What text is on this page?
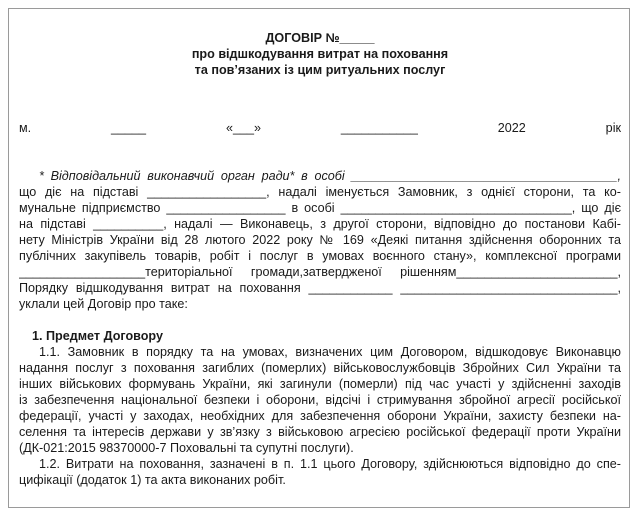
ДОГОВІР №_____
про відшкодування витрат на поховання
та пов’язаних із цим ритуальних послуг
м. _____	«___» ___________ 2022 рік
* Відповідальний виконавчий орган ради* в особі ______________________________________,
що діє на підставі _________________, надалі іменується Замовник, з однієї сторони, та ко-
мунальне підприємство _________________ в особі _________________________________, що діє
на підставі __________, надалі — Виконавець, з другої сторони, відповідно до постанови Кабі-
нету Міністрів України від 28 лютого 2022 року № 169 «Деякі питання здійснення оборонних та
публічних закупівель товарів, робіт і послуг в умовах воєнного стану», комплексної програми
__________________територіальної громади,затвердженої рішенням_______________________,
Порядку відшкодування витрат на поховання ____________ _______________________________,
уклали цей Договір про таке:
1. Предмет Договору
1.1. Замовник в порядку та на умовах, визначених цим Договором, відшкодовує Виконавцю
надання послуг з поховання загиблих (померлих) військовослужбовців Збройних Сил України та
інших військових формувань України, які загинули (померли) під час участі у здійсненні заходів
із забезпечення національної безпеки і оборони, відсічі і стримування збройної агресії російської
федерації, участі у заходах, необхідних для забезпечення оборони України, захисту безпеки на-
селення та інтересів держави у зв’язку з військовою агресією російської федерації проти України
(ДК-021:2015 98370000-7 Поховальні та супутні послуги).
1.2. Витрати на поховання, зазначені в п. 1.1 цього Договору, здійснюються відповідно до спе-
цифікації (додаток 1) та акта виконаних робіт.
